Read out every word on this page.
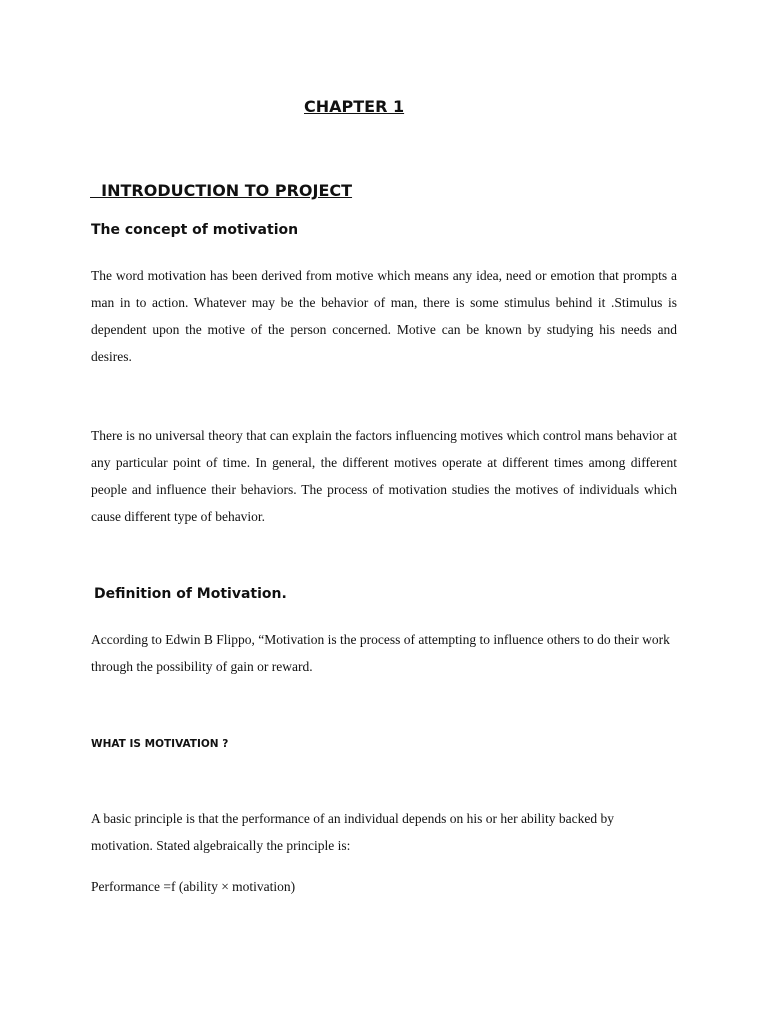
CHAPTER 1
INTRODUCTION TO PROJECT
The concept of motivation

The word motivation has been derived from motive which means any idea, need or emotion that prompts a man in to action. Whatever may be the behavior of man, there is some stimulus behind it .Stimulus is dependent upon the motive of the person concerned. Motive can be known by studying his needs and desires.

There is no universal theory that can explain the factors influencing motives which control mans behavior at any particular point of time. In general, the different motives operate at different times among different people and influence their behaviors. The process of motivation studies the motives of individuals which cause different type of behavior.

Definition of Motivation.

According to Edwin B Flippo, “Motivation is the process of attempting to influence others to do their work through the possibility of gain or reward.

WHAT IS MOTIVATION ?

A basic principle is that the performance of an individual depends on his or her ability backed by motivation. Stated algebraically the principle is:

Performance =f (ability × motivation)
